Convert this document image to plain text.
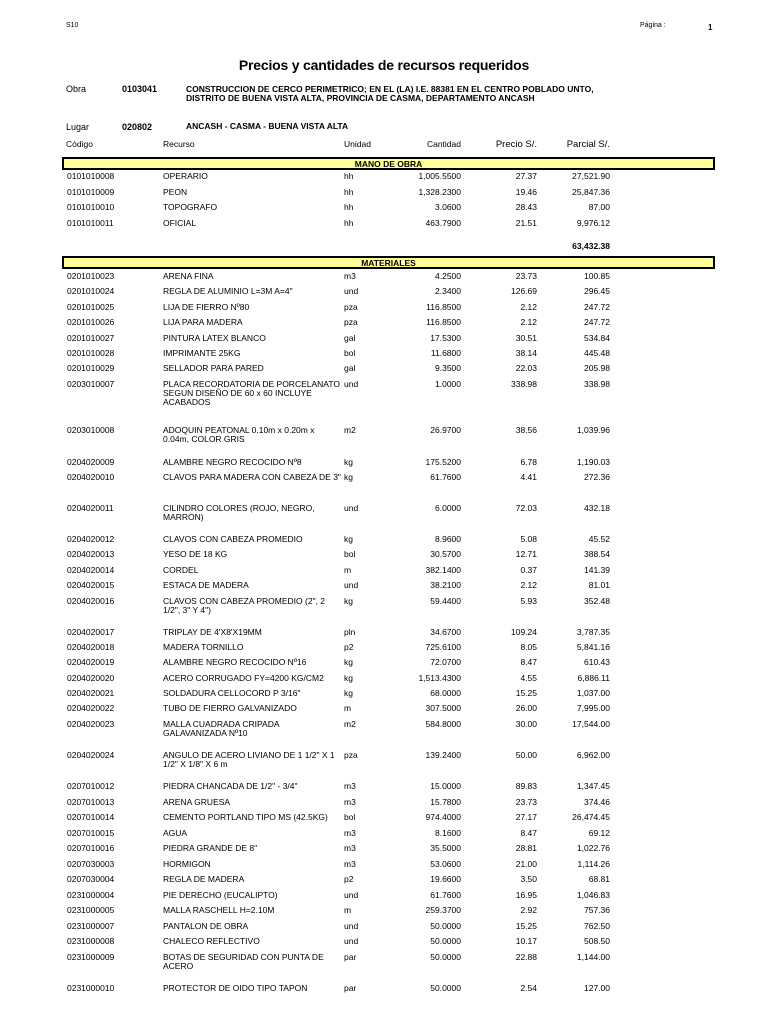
S10	Página :	1
Precios y cantidades de recursos requeridos
Obra	0103041	CONSTRUCCION DE CERCO PERIMETRICO; EN EL (LA) I.E. 88381 EN EL CENTRO POBLADO UNTO,
DISTRITO DE BUENA VISTA ALTA, PROVINCIA DE CASMA, DEPARTAMENTO ANCASH
Lugar	020802	ANCASH - CASMA - BUENA VISTA ALTA
Código	Recurso	Unidad	Cantidad	Precio S/.	Parcial S/.
MANO DE OBRA
0101010008	OPERARIO	hh	1,005.5500	27.37	27,521.90
0101010009	PEON	hh	1,328.2300	19.46	25,847.36
0101010010	TOPOGRAFO	hh	3.0600	28.43	87.00
0101010011	OFICIAL	hh	463.7900	21.51	9,976.12
63,432.38
MATERIALES
0201010023	ARENA FINA	m3	4.2500	23.73	100.85
0201010024	REGLA DE ALUMINIO L=3M A=4"	und	2.3400	126.69	296.45
0201010025	LIJA DE FIERRO Nº80	pza	116.8500	2.12	247.72
0201010026	LIJA PARA MADERA	pza	116.8500	2.12	247.72
0201010027	PINTURA LATEX BLANCO	gal	17.5300	30.51	534.84
0201010028	IMPRIMANTE 25KG	bol	11.6800	38.14	445.48
0201010029	SELLADOR PARA PARED	gal	9.3500	22.03	205.98
0203010007	PLACA RECORDATORIA DE PORCELANATO SEGUN DISEÑO DE 60 x 60 INCLUYE ACABADOS
und	1.0000	338.98	338.98
0203010008	ADOQUIN PEATONAL 0.10m x 0.20m x 0.04m, COLOR GRIS
m2	26.9700	38.56	1,039.96
0204020009	ALAMBRE NEGRO RECOCIDO Nº8	kg	175.5200	6.78	1,190.03
0204020010	CLAVOS PARA MADERA CON CABEZA DE 3" kg	61.7600	4.41	272.36
0204020011	CILINDRO COLORES (ROJO, NEGRO, MARRON)
und	6.0000	72.03	432.18
0204020012	CLAVOS CON CABEZA PROMEDIO	kg	8.9600	5.08	45.52
0204020013	YESO DE 18 KG	bol	30.5700	12.71	388.54
0204020014	CORDEL	m	382.1400	0.37	141.39
0204020015	ESTACA DE MADERA	und	38.2100	2.12	81.01
0204020016	CLAVOS CON CABEZA PROMEDIO (2", 2 1/2", 3" Y 4")
kg	59.4400	5.93	352.48
0204020017	TRIPLAY DE 4'X8'X19MM	pln	34.6700	109.24	3,787.35
0204020018	MADERA TORNILLO	p2	725.6100	8.05	5,841.16
0204020019	ALAMBRE NEGRO RECOCIDO Nº16	kg	72.0700	8.47	610.43
0204020020	ACERO CORRUGADO FY=4200 KG/CM2	kg	1,513.4300	4.55	6,886.11
0204020021	SOLDADURA CELLOCORD P 3/16"	kg	68.0000	15.25	1,037.00
0204020022	TUBO DE FIERRO GALVANIZADO	m	307.5000	26.00	7,995.00
0204020023	MALLA CUADRADA CRIPADA GALAVANIZADA Nº10
m2	584.8000	30.00	17,544.00
0204020024	ANGULO DE ACERO LIVIANO DE 1 1/2" X 1 1/2" X 1/8" X 6 m
pza	139.2400	50.00	6,962.00
0207010012	PIEDRA CHANCADA DE 1/2" - 3/4"	m3	15.0000	89.83	1,347.45
0207010013	ARENA GRUESA	m3	15.7800	23.73	374.46
0207010014	CEMENTO PORTLAND TIPO MS (42.5KG)	bol	974.4000	27.17	26,474.45
0207010015	AGUA	m3	8.1600	8.47	69.12
0207010016	PIEDRA GRANDE DE 8"	m3	35.5000	28.81	1,022.76
0207030003	HORMIGON	m3	53.0600	21.00	1,114.26
0207030004	REGLA DE MADERA	p2	19.6600	3.50	68.81
0231000004	PIE DERECHO (EUCALIPTO)	und	61.7600	16.95	1,046.83
0231000005	MALLA RASCHELL H=2.10M	m	259.3700	2.92	757.36
0231000007	PANTALON DE OBRA	und	50.0000	15.25	762.50
0231000008	CHALECO REFLECTIVO	und	50.0000	10.17	508.50
0231000009	BOTAS DE SEGURIDAD CON PUNTA DE ACERO
par	50.0000	22.88	1,144.00
0231000010	PROTECTOR DE OIDO TIPO TAPON	par	50.0000	2.54	127.00
